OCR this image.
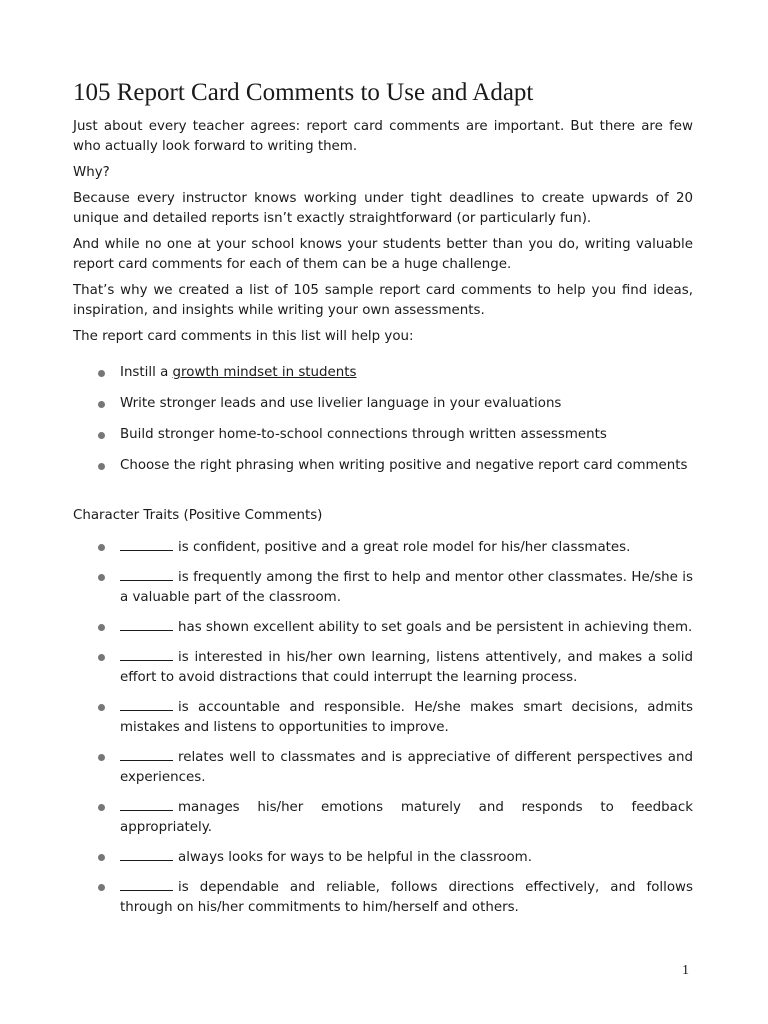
105 Report Card Comments to Use and Adapt

Just about every teacher agrees: report card comments are important. But there are few who actually look forward to writing them.

Why?

Because every instructor knows working under tight deadlines to create upwards of 20 unique and detailed reports isn’t exactly straightforward (or particularly fun).

And while no one at your school knows your students better than you do, writing valuable report card comments for each of them can be a huge challenge.

That’s why we created a list of 105 sample report card comments to help you find ideas, inspiration, and insights while writing your own assessments.

The report card comments in this list will help you:

Instill a growth mindset in students
Write stronger leads and use livelier language in your evaluations
Build stronger home-to-school connections through written assessments
Choose the right phrasing when writing positive and negative report card comments

Character Traits (Positive Comments)

is confident, positive and a great role model for his/her classmates.
is frequently among the first to help and mentor other classmates. He/she is a valuable part of the classroom.
has shown excellent ability to set goals and be persistent in achieving them.
is interested in his/her own learning, listens attentively, and makes a solid effort to avoid distractions that could interrupt the learning process.
is accountable and responsible. He/she makes smart decisions, admits mistakes and listens to opportunities to improve.
relates well to classmates and is appreciative of different perspectives and experiences.
manages his/her emotions maturely and responds to feedback appropriately.
always looks for ways to be helpful in the classroom.
is dependable and reliable, follows directions effectively, and follows through on his/her commitments to him/herself and others.
1
